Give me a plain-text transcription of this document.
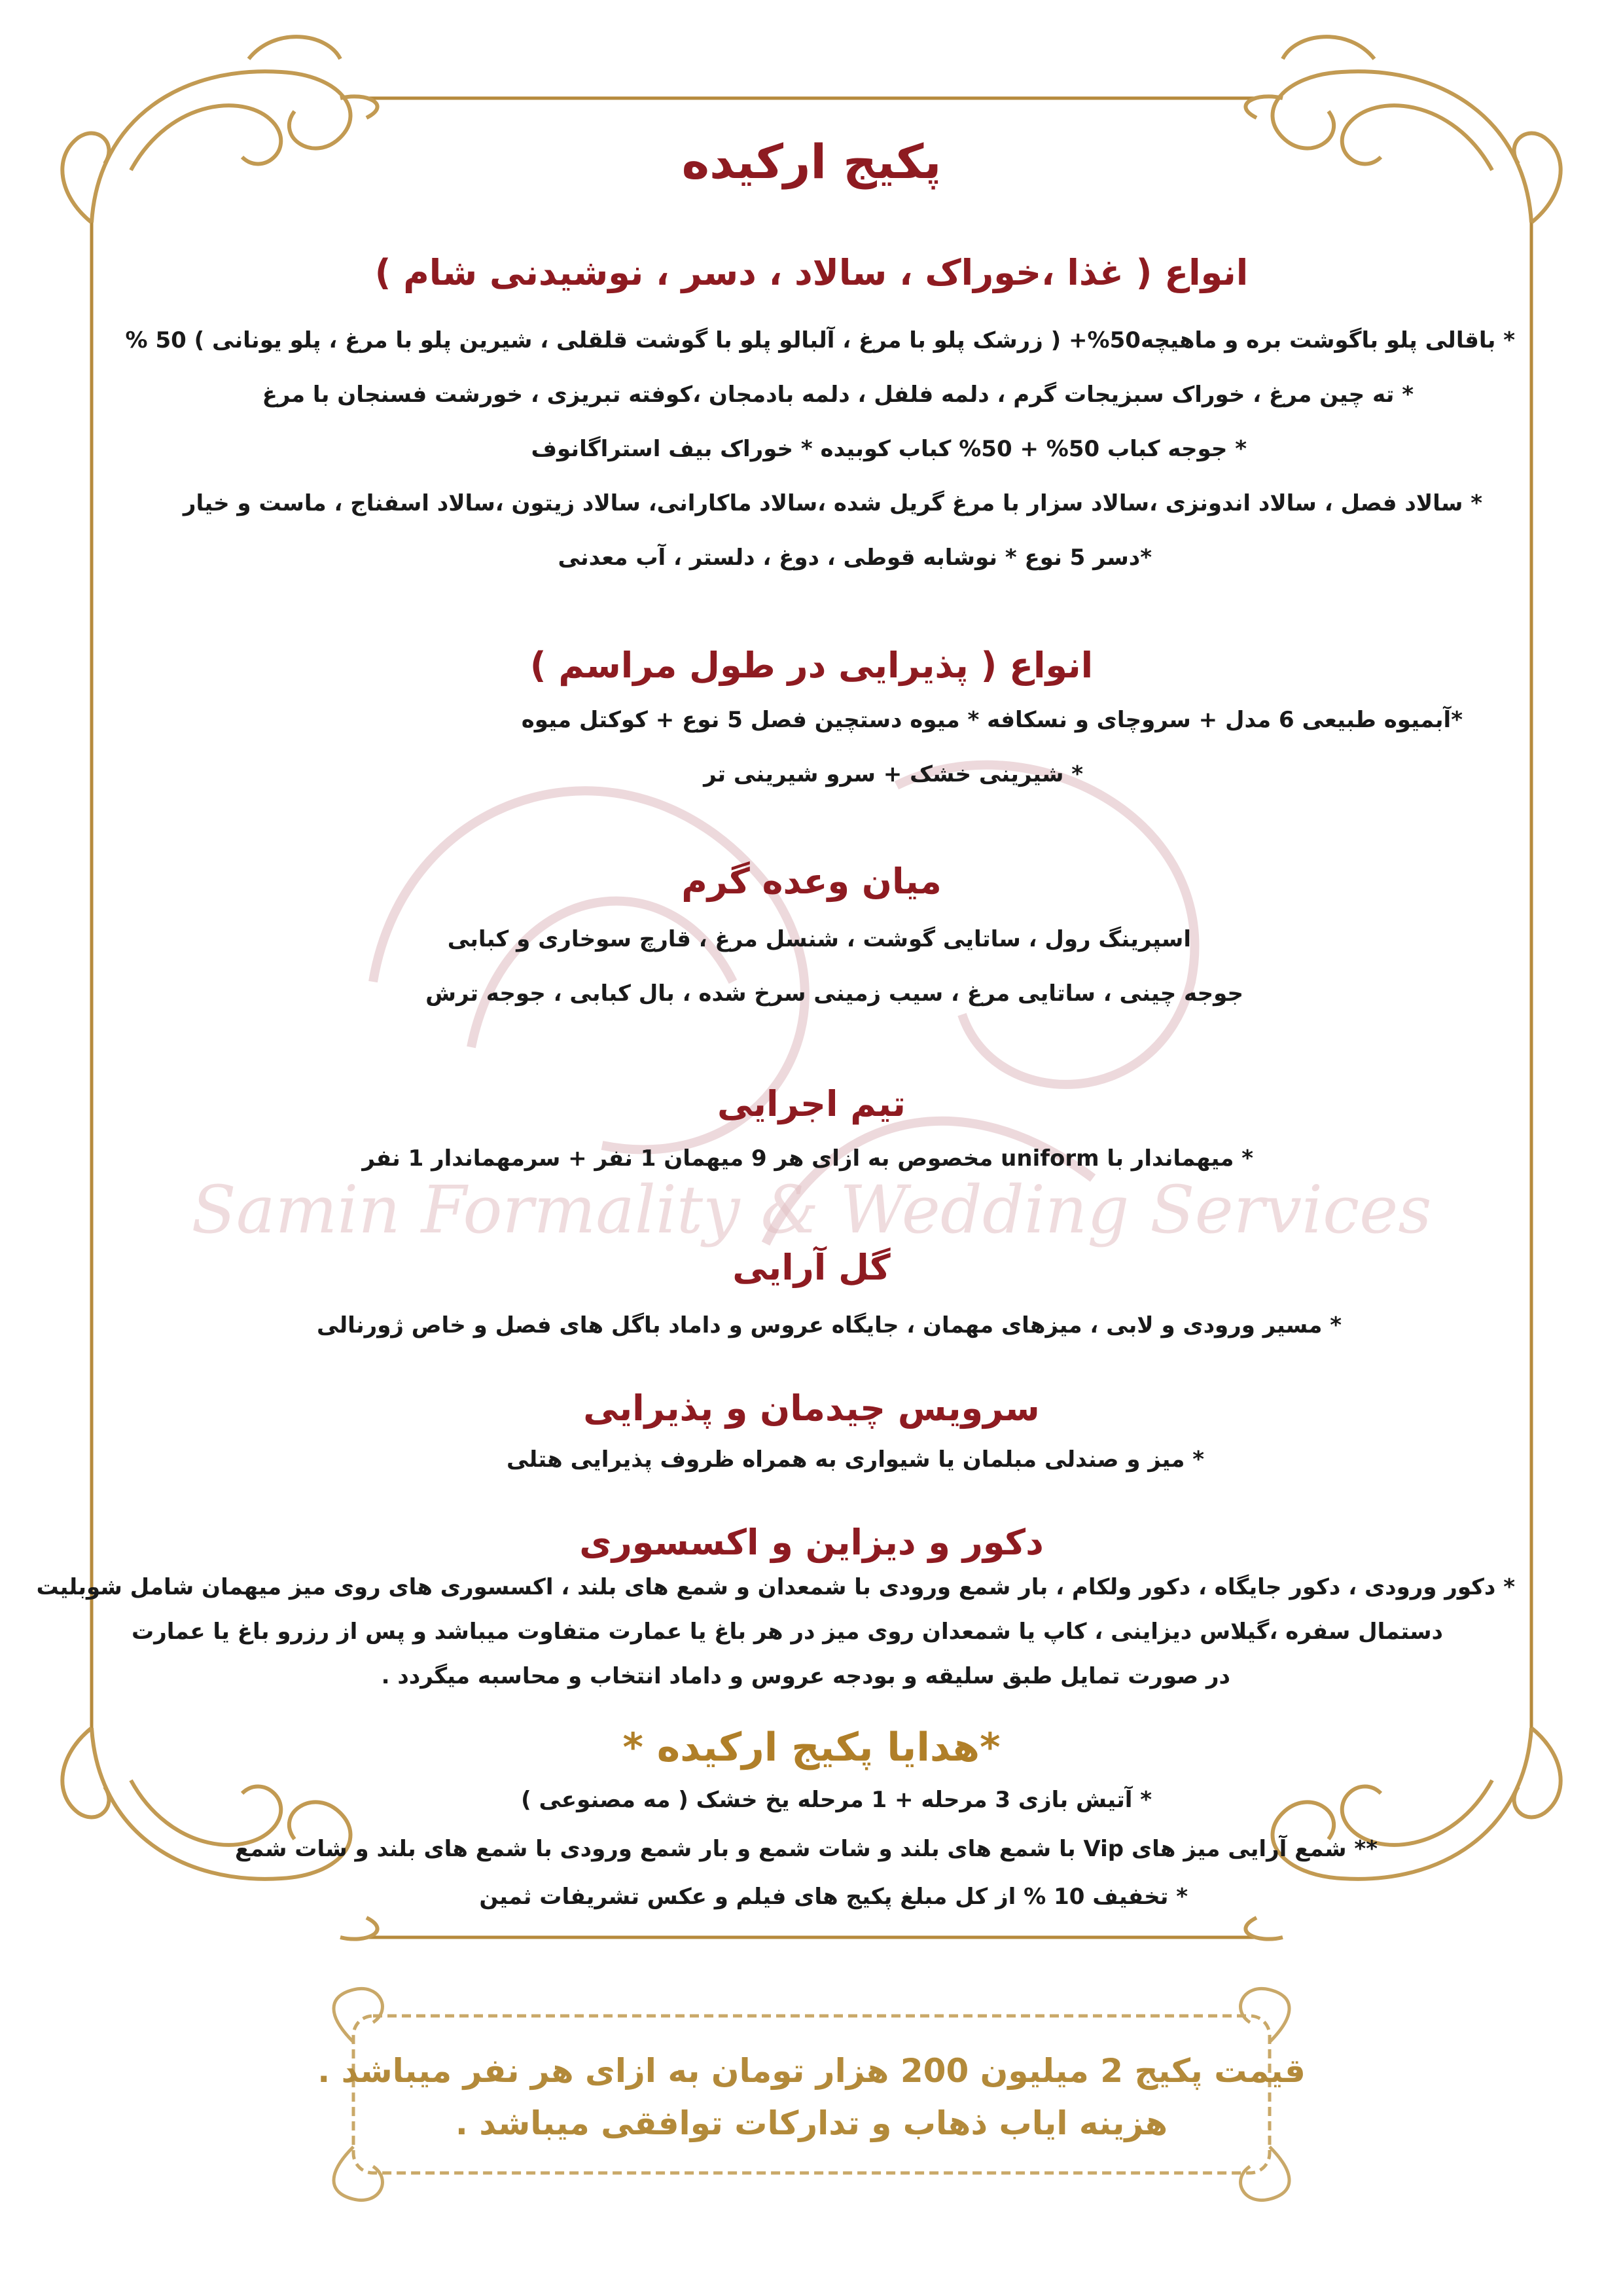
Samin Formality & Wedding Services
پکیج ارکیده
انواع ( غذا ،خوراک ، سالاد ، دسر ، نوشیدنی شام )
* باقالی پلو باگوشت بره و ماهیچه50%+ ( زرشک پلو با مرغ ، آلبالو پلو با گوشت قلقلی ، شیرین پلو با مرغ ، پلو یونانی ) 50 %
* ته چین مرغ ، خوراک سبزیجات گرم ، دلمه فلفل ، دلمه بادمجان ،کوفته تبریزی ، خورشت فسنجان با مرغ
* جوجه کباب 50% + 50% کباب کوبیده * خوراک بیف استراگانوف
* سالاد فصل ، سالاد اندونزی ،سالاد سزار با مرغ گریل شده ،سالاد ماکارانی، سالاد زیتون ،سالاد اسفناج ، ماست و خیار
*دسر 5 نوع * نوشابه قوطی ، دوغ ، دلستر ، آب معدنی
انواع ( پذیرایی در طول مراسم )
*آبمیوه طبیعی 6 مدل + سروچای و نسکافه * میوه دستچین فصل 5 نوع + کوکتل میوه
* شیرینی خشک + سرو شیرینی تر
میان وعده گرم
اسپرینگ رول ، ساتایی گوشت ، شنسل مرغ ، قارچ سوخاری و کبابی
جوجه چینی ، ساتایی مرغ ، سیب زمینی سرخ شده ، بال کبابی ، جوجه ترش
تیم اجرایی
* میهماندار با uniform مخصوص به ازای هر 9 میهمان 1 نفر + سرمهماندار 1 نفر
گل آرایی
* مسیر ورودی و لابی ، میزهای مهمان ، جایگاه عروس و داماد باگل های فصل و خاص ژورنالی
سرویس چیدمان و پذیرایی
* میز و صندلی مبلمان یا شیواری به همراه ظروف پذیرایی هتلی
دکور و دیزاین و اکسسوری
* دکور ورودی ، دکور جایگاه ، دکور ولکام ، بار شمع ورودی با شمعدان و شمع های بلند ، اکسسوری های روی میز میهمان شامل شوبلیت
دستمال سفره ،گیلاس دیزاینی ، کاپ یا شمعدان روی میز در هر باغ یا عمارت متفاوت میباشد و پس از رزرو باغ یا عمارت
در صورت تمایل طبق سلیقه و بودجه عروس و داماد انتخاب و محاسبه میگردد .
*هدایا پکیج ارکیده *
* آتیش بازی 3 مرحله + 1 مرحله یخ خشک ( مه مصنوعی )
** شمع آرایی میز های Vip با شمع های بلند و شات شمع و بار شمع ورودی با شمع های بلند و شات شمع
* تخفیف 10 % از کل مبلغ پکیج های فیلم و عکس تشریفات ثمین
قیمت پکیج 2 میلیون 200 هزار تومان به ازای هر نفر میباشد .
هزینه ایاب ذهاب و تدارکات توافقی میباشد .
